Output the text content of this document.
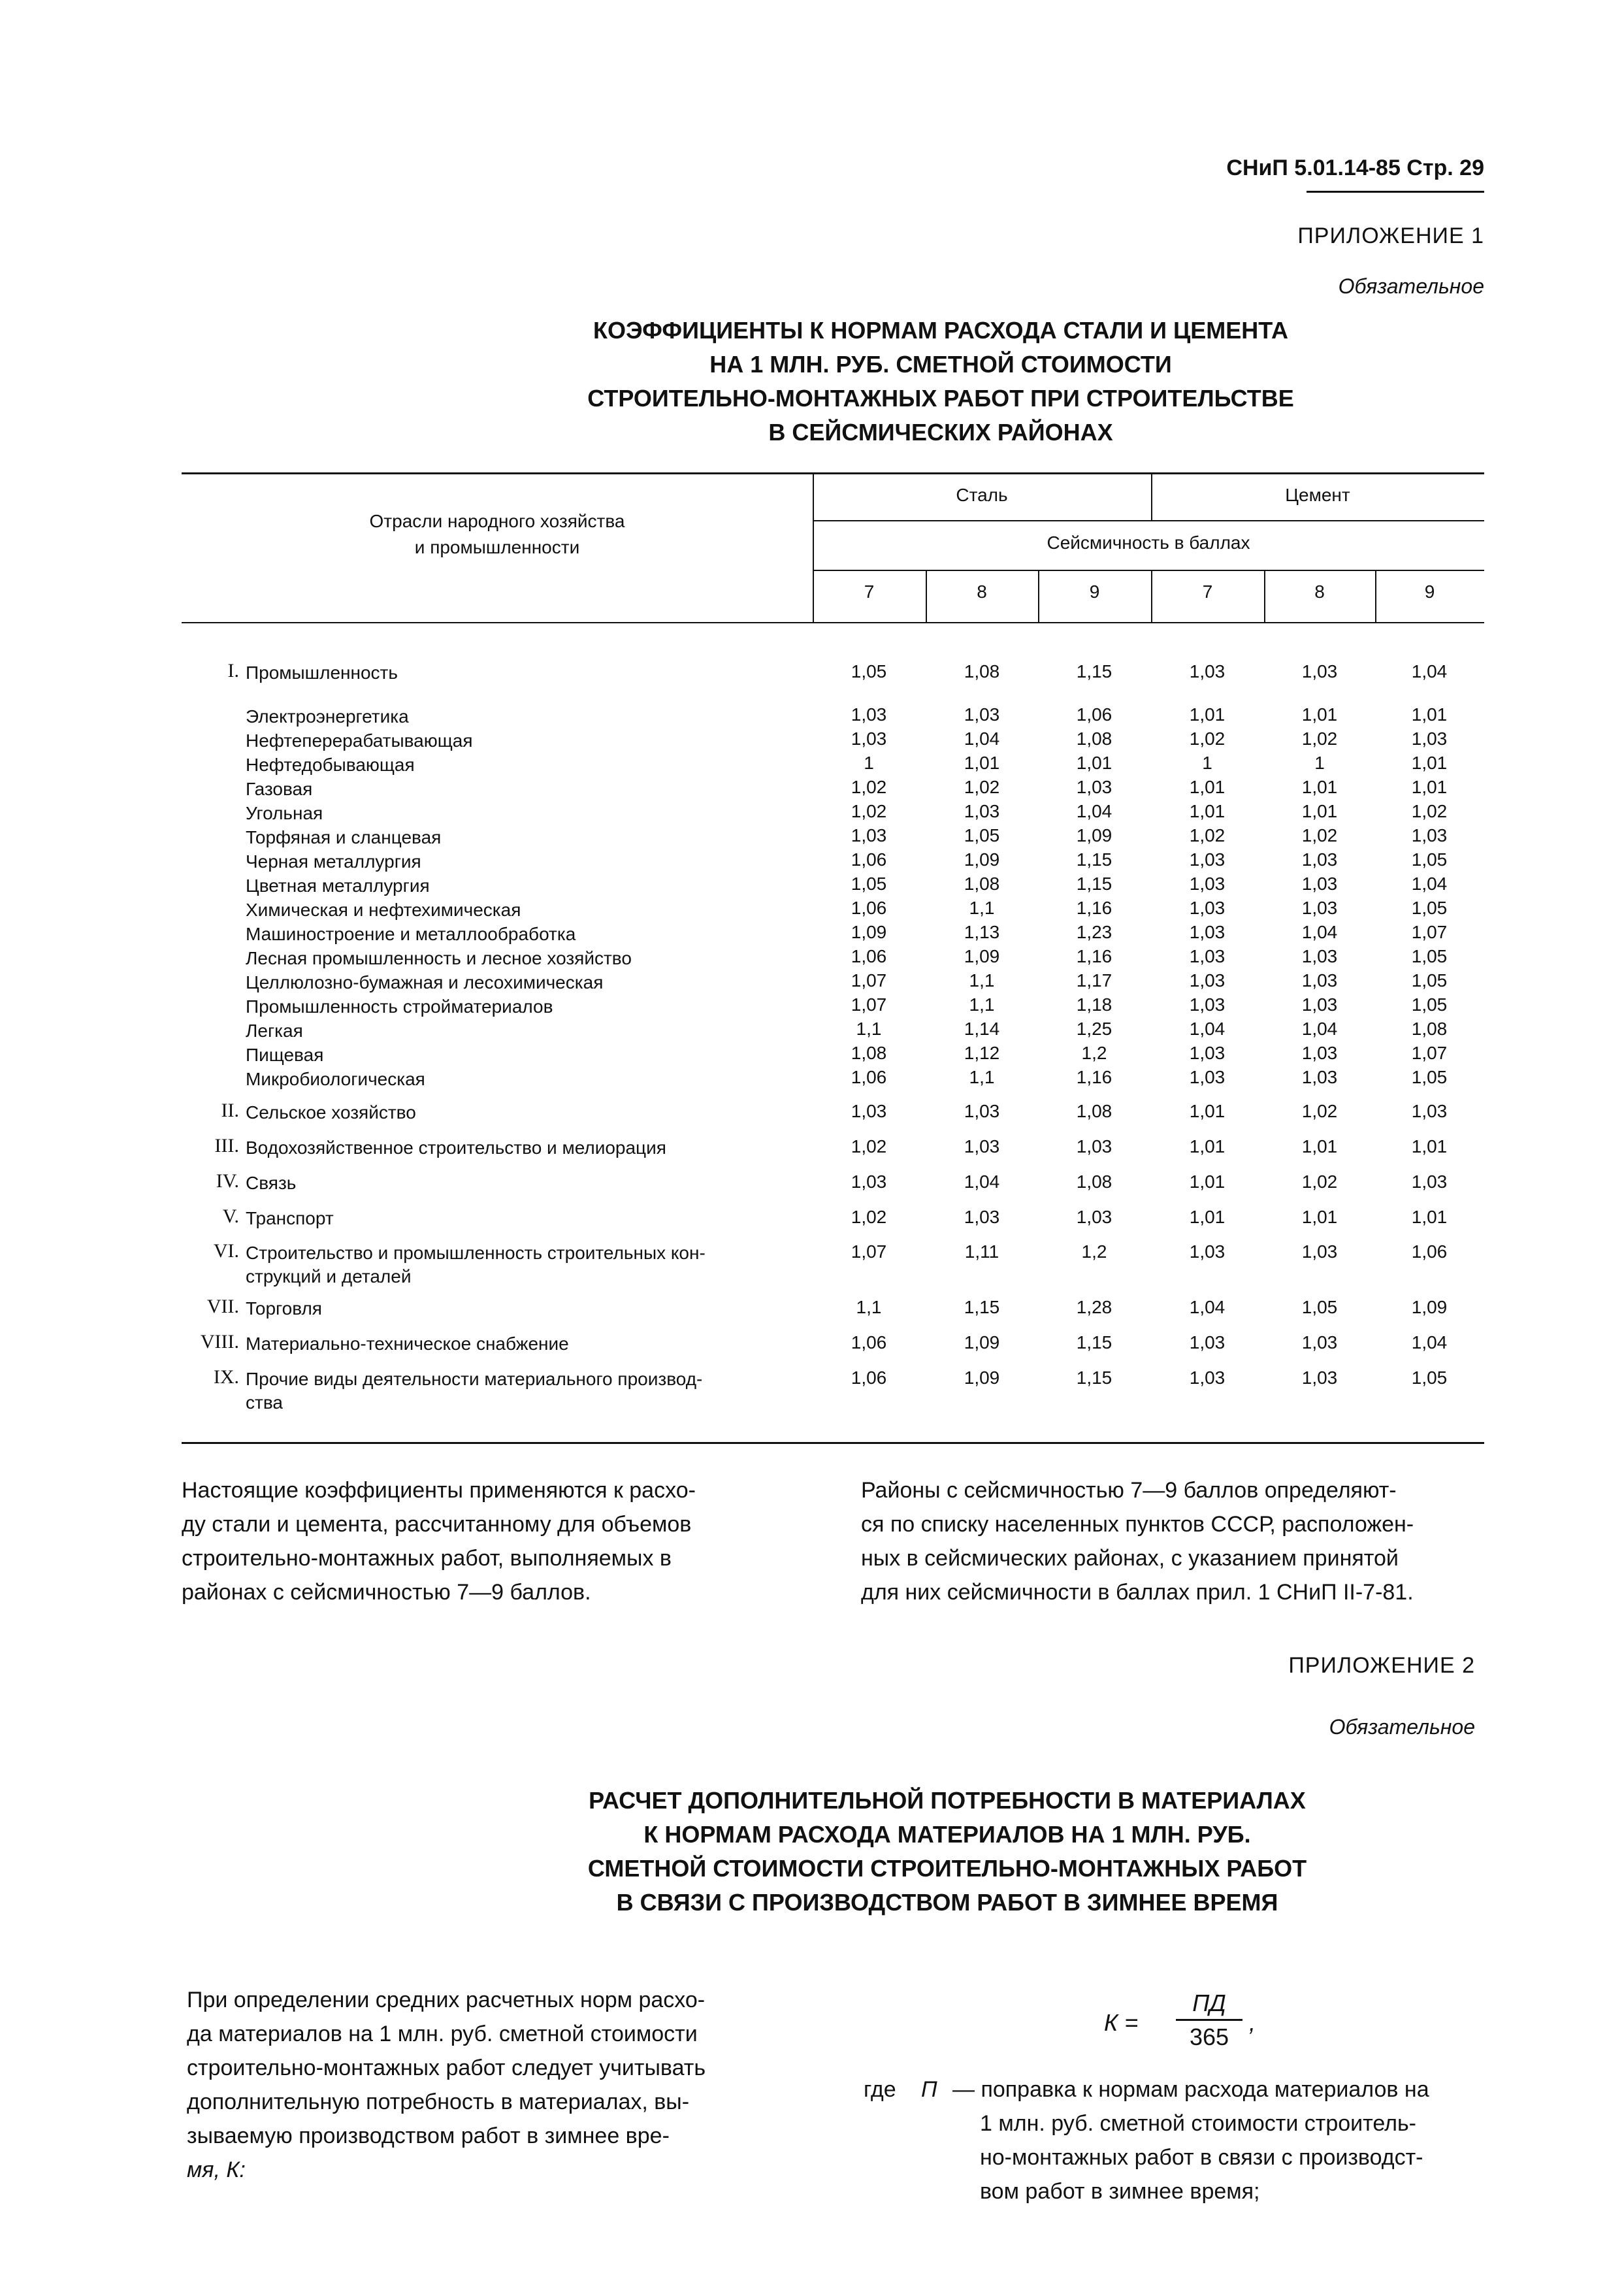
СНиП 5.01.14-85 Стр. 29
ПРИЛОЖЕНИЕ 1
Обязательное
КОЭФФИЦИЕНТЫ К НОРМАМ РАСХОДА СТАЛИ И ЦЕМЕНТА
НА 1 МЛН. РУБ. СМЕТНОЙ СТОИМОСТИ
СТРОИТЕЛЬНО-МОНТАЖНЫХ РАБОТ ПРИ СТРОИТЕЛЬСТВЕ
В СЕЙСМИЧЕСКИХ РАЙОНАХ
Отрасли народного хозяйства
и промышленности
Сталь	Цемент
Сейсмичность в баллах
7	8	9	7	8	9
I. Промышленность	1,05	1,08	1,15	1,03	1,03	1,04
Электроэнергетика	1,03	1,03	1,06	1,01	1,01	1,01
Нефтеперерабатывающая	1,03	1,04	1,08	1,02	1,02	1,03
Нефтедобывающая	1	1,01	1,01	1	1	1,01
Газовая	1,02	1,02	1,03	1,01	1,01	1,01
Угольная	1,02	1,03	1,04	1,01	1,01	1,02
Торфяная и сланцевая	1,03	1,05	1,09	1,02	1,02	1,03
Черная металлургия	1,06	1,09	1,15	1,03	1,03	1,05
Цветная металлургия	1,05	1,08	1,15	1,03	1,03	1,04
Химическая и нефтехимическая	1,06	1,1	1,16	1,03	1,03	1,05
Машиностроение и металлообработка	1,09	1,13	1,23	1,03	1,04	1,07
Лесная промышленность и лесное хозяйство	1,06	1,09	1,16	1,03	1,03	1,05
Целлюлозно-бумажная и лесохимическая	1,07	1,1	1,17	1,03	1,03	1,05
Промышленность стройматериалов	1,07	1,1	1,18	1,03	1,03	1,05
Легкая	1,1	1,14	1,25	1,04	1,04	1,08
Пищевая	1,08	1,12	1,2	1,03	1,03	1,07
Микробиологическая	1,06	1,1	1,16	1,03	1,03	1,05
II. Сельское хозяйство	1,03	1,03	1,08	1,01	1,02	1,03
III. Водохозяйственное строительство и мелиорация	1,02	1,03	1,03	1,01	1,01	1,01
IV. Связь	1,03	1,04	1,08	1,01	1,02	1,03
V. Транспорт	1,02	1,03	1,03	1,01	1,01	1,01
VI. Строительство и промышленность строительных кон-
струкций и деталей
1,07	1,11	1,2	1,03	1,03	1,06
VII. Торговля	1,1	1,15	1,28	1,04	1,05	1,09
VIII. Материально-техническое снабжение	1,06	1,09	1,15	1,03	1,03	1,04
IX. Прочие виды деятельности материального производ-
ства
1,06	1,09	1,15	1,03	1,03	1,05
Настоящие коэффициенты применяются к расхо-
ду стали и цемента, рассчитанному для объемов
строительно-монтажных работ, выполняемых в
районах с сейсмичностью 7—9 баллов.
Районы с сейсмичностью 7—9 баллов определяют-
ся по списку населенных пунктов СССР, расположен-
ных в сейсмических районах, с указанием принятой
для них сейсмичности в баллах прил. 1 СНиП II-7-81.
ПРИЛОЖЕНИЕ 2
Обязательное
РАСЧЕТ ДОПОЛНИТЕЛЬНОЙ ПОТРЕБНОСТИ В МАТЕРИАЛАХ
К НОРМАМ РАСХОДА МАТЕРИАЛОВ НА 1 МЛН. РУБ.
СМЕТНОЙ СТОИМОСТИ СТРОИТЕЛЬНО-МОНТАЖНЫХ РАБОТ
В СВЯЗИ С ПРОИЗВОДСТВОМ РАБОТ В ЗИМНЕЕ ВРЕМЯ
При определении средних расчетных норм расхо-
да материалов на 1 млн. руб. сметной стоимости
строительно-монтажных работ следует учитывать
дополнительную потребность в материалах, вы-
зываемую производством работ в зимнее вре-
мя, К:
К =
ПД
365
,
где	П — поправка к нормам расхода материалов на
1 млн. руб. сметной стоимости строитель-
но-монтажных работ в связи с производст-
вом работ в зимнее время;
